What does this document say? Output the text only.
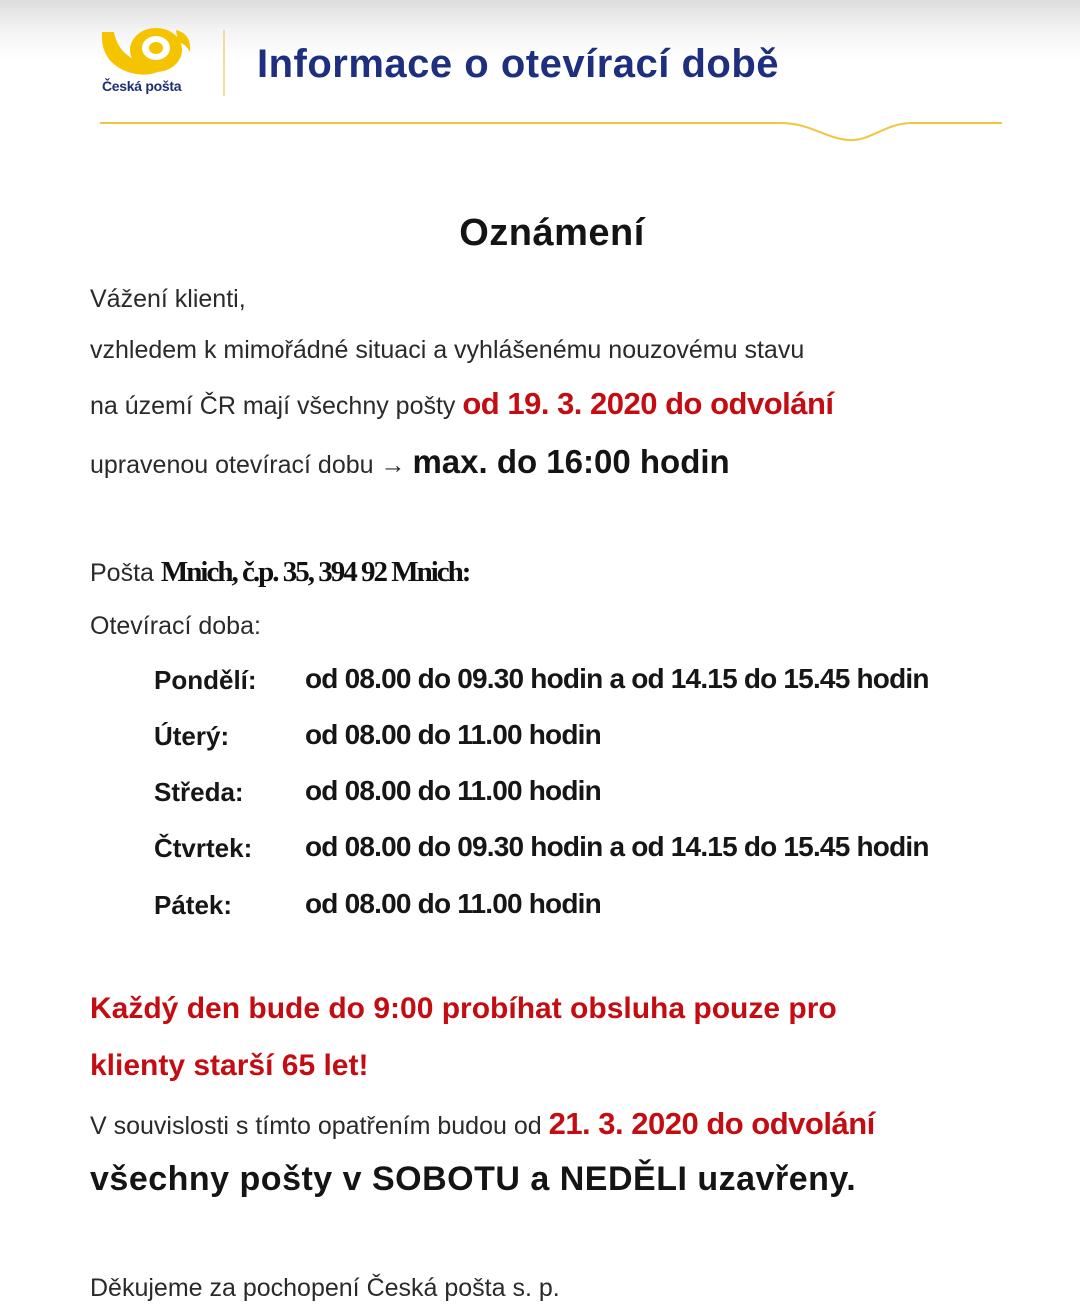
Česká pošta	Informace o otevírací době
Oznámení
Vážení klienti,
vzhledem k mimořádné situaci a vyhlášenému nouzovému stavu
na území ČR mají všechny pošty od 19. 3. 2020 do odvolání
upravenou otevírací dobu → max. do 16:00 hodin
Pošta Mnich, č.p. 35, 394 92 Mnich:
Otevírací doba:
Pondělí: od 08.00 do 09.30 hodin a od 14.15 do 15.45 hodin
Úterý:	od 08.00 do 11.00 hodin
Středa: od 08.00 do 11.00 hodin
Čtvrtek: od 08.00 do 09.30 hodin a od 14.15 do 15.45 hodin
Pátek:	od 08.00 do 11.00 hodin
Každý den bude do 9:00 probíhat obsluha pouze pro
klienty starší 65 let!
V souvislosti s tímto opatřením budou od 21. 3. 2020 do odvolání
všechny pošty v SOBOTU a NEDĚLI uzavřeny.
Děkujeme za pochopení Česká pošta s. p.
